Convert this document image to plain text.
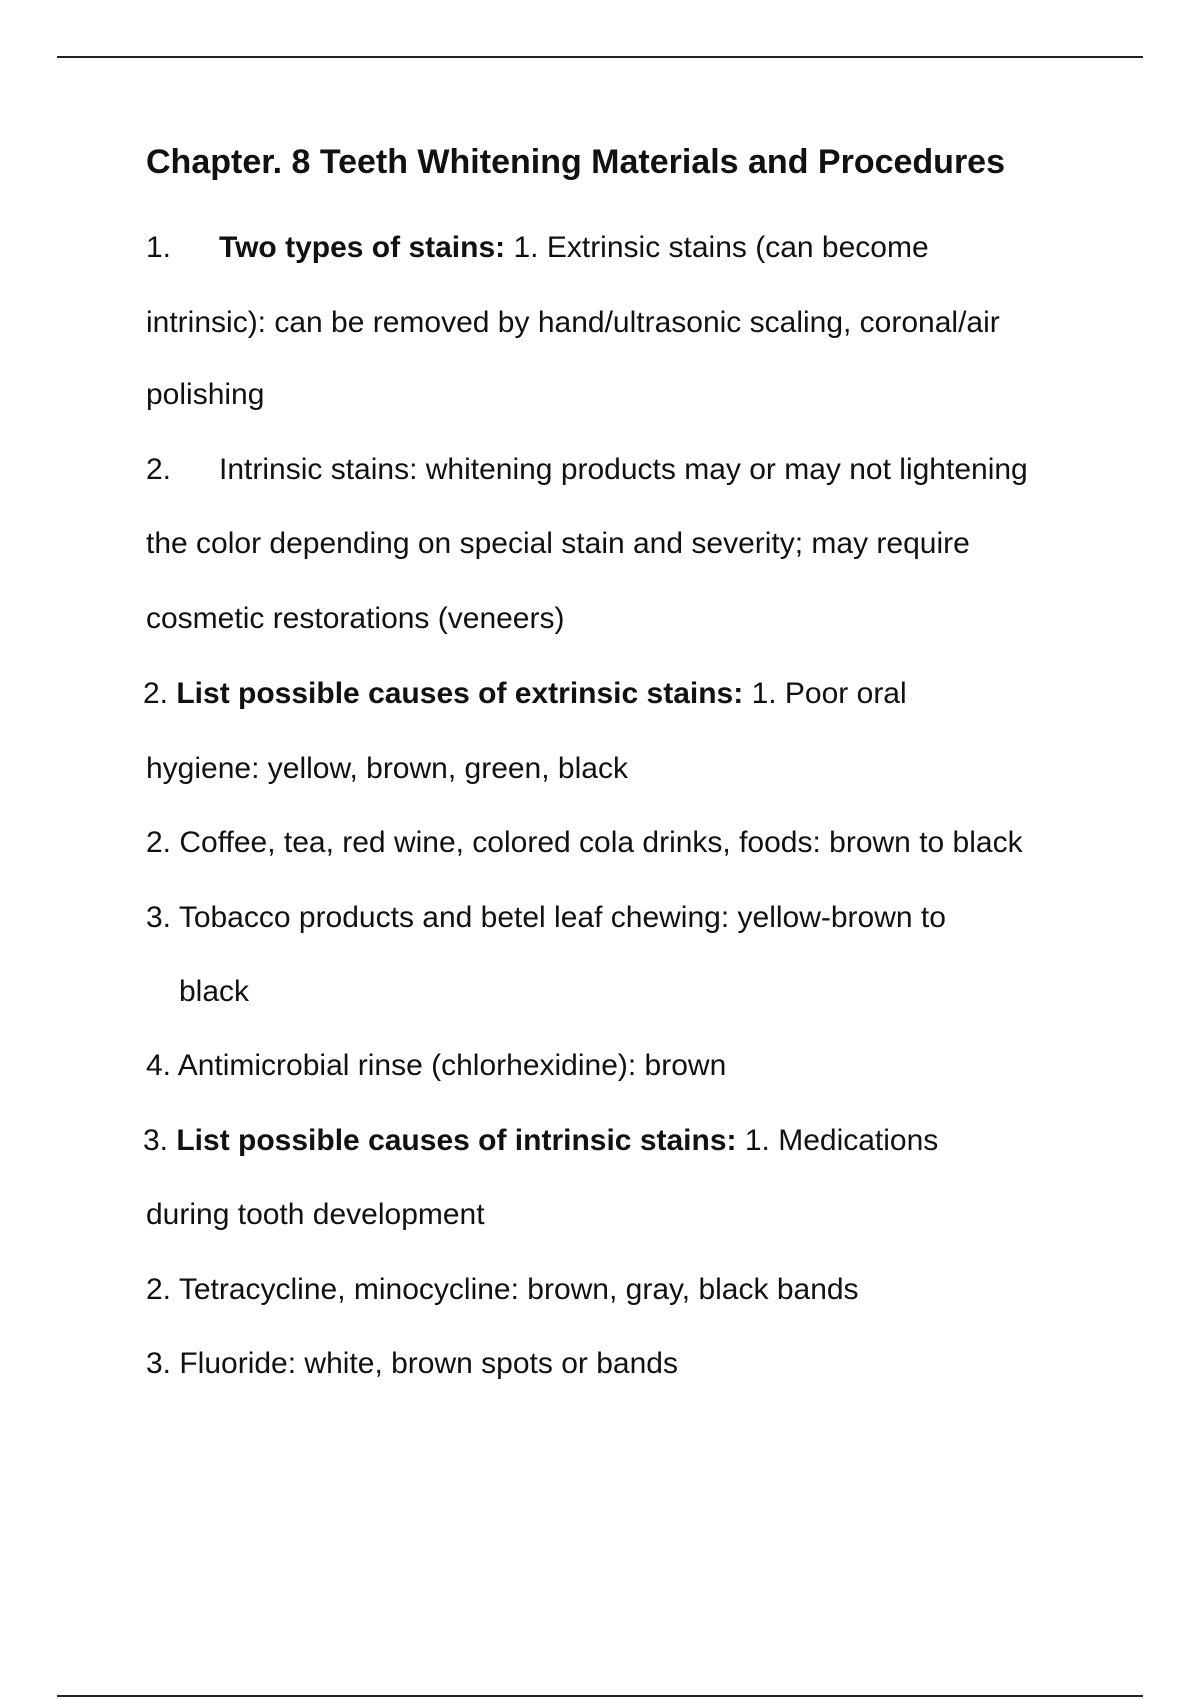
Chapter. 8 Teeth Whitening Materials and Procedures

1. Two types of stains: 1. Extrinsic stains (can become

intrinsic): can be removed by hand/ultrasonic scaling, coronal/air

polishing

2. Intrinsic stains: whitening products may or may not lightening

the color depending on special stain and severity; may require

cosmetic restorations (veneers)

2. List possible causes of extrinsic stains: 1. Poor oral

hygiene: yellow, brown, green, black

2. Coffee, tea, red wine, colored cola drinks, foods: brown to black

3. Tobacco products and betel leaf chewing: yellow-brown to

black

4. Antimicrobial rinse (chlorhexidine): brown

3. List possible causes of intrinsic stains: 1. Medications

during tooth development

2. Tetracycline, minocycline: brown, gray, black bands

3. Fluoride: white, brown spots or bands
